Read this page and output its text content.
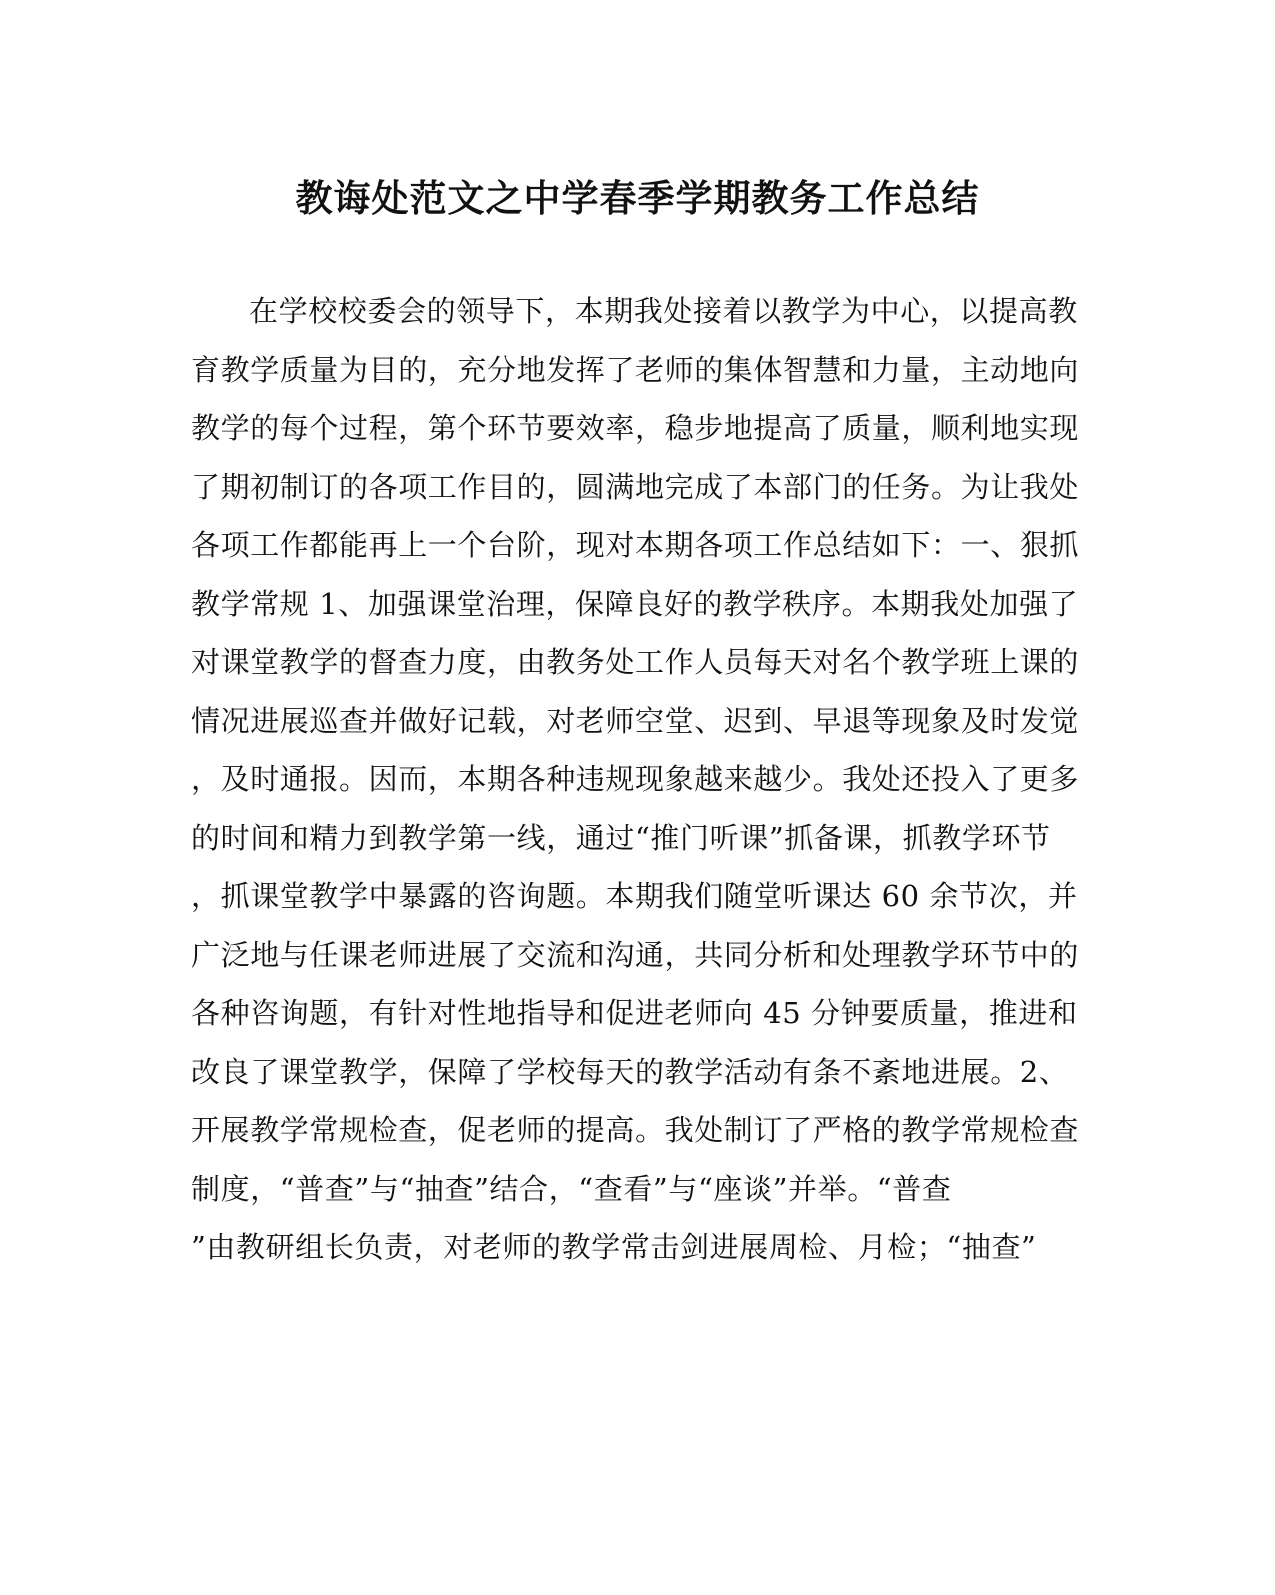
教诲处范文之中学春季学期教务工作总结
在学校校委会的领导下，本期我处接着以教学为中心，以提高教
育教学质量为目的，充分地发挥了老师的集体智慧和力量，主动地向
教学的每个过程，第个环节要效率，稳步地提高了质量，顺利地实现
了期初制订的各项工作目的，圆满地完成了本部门的任务。为让我处
各项工作都能再上一个台阶，现对本期各项工作总结如下：一、狠抓
教学常规 1、加强课堂治理，保障良好的教学秩序。本期我处加强了
对课堂教学的督查力度，由教务处工作人员每天对名个教学班上课的
情况进展巡查并做好记载，对老师空堂、迟到、早退等现象及时发觉
，及时通报。因而，本期各种违规现象越来越少。我处还投入了更多
的时间和精力到教学第一线，通过“推门听课”抓备课，抓教学环节
，抓课堂教学中暴露的咨询题。本期我们随堂听课达 60 余节次，并
广泛地与任课老师进展了交流和沟通，共同分析和处理教学环节中的
各种咨询题，有针对性地指导和促进老师向 45 分钟要质量，推进和
改良了课堂教学，保障了学校每天的教学活动有条不紊地进展。2、
开展教学常规检查，促老师的提高。我处制订了严格的教学常规检查
制度，“普查”与“抽查”结合，“查看”与“座谈”并举。“普查
”由教研组长负责，对老师的教学常击剑进展周检、月检；“抽查”
